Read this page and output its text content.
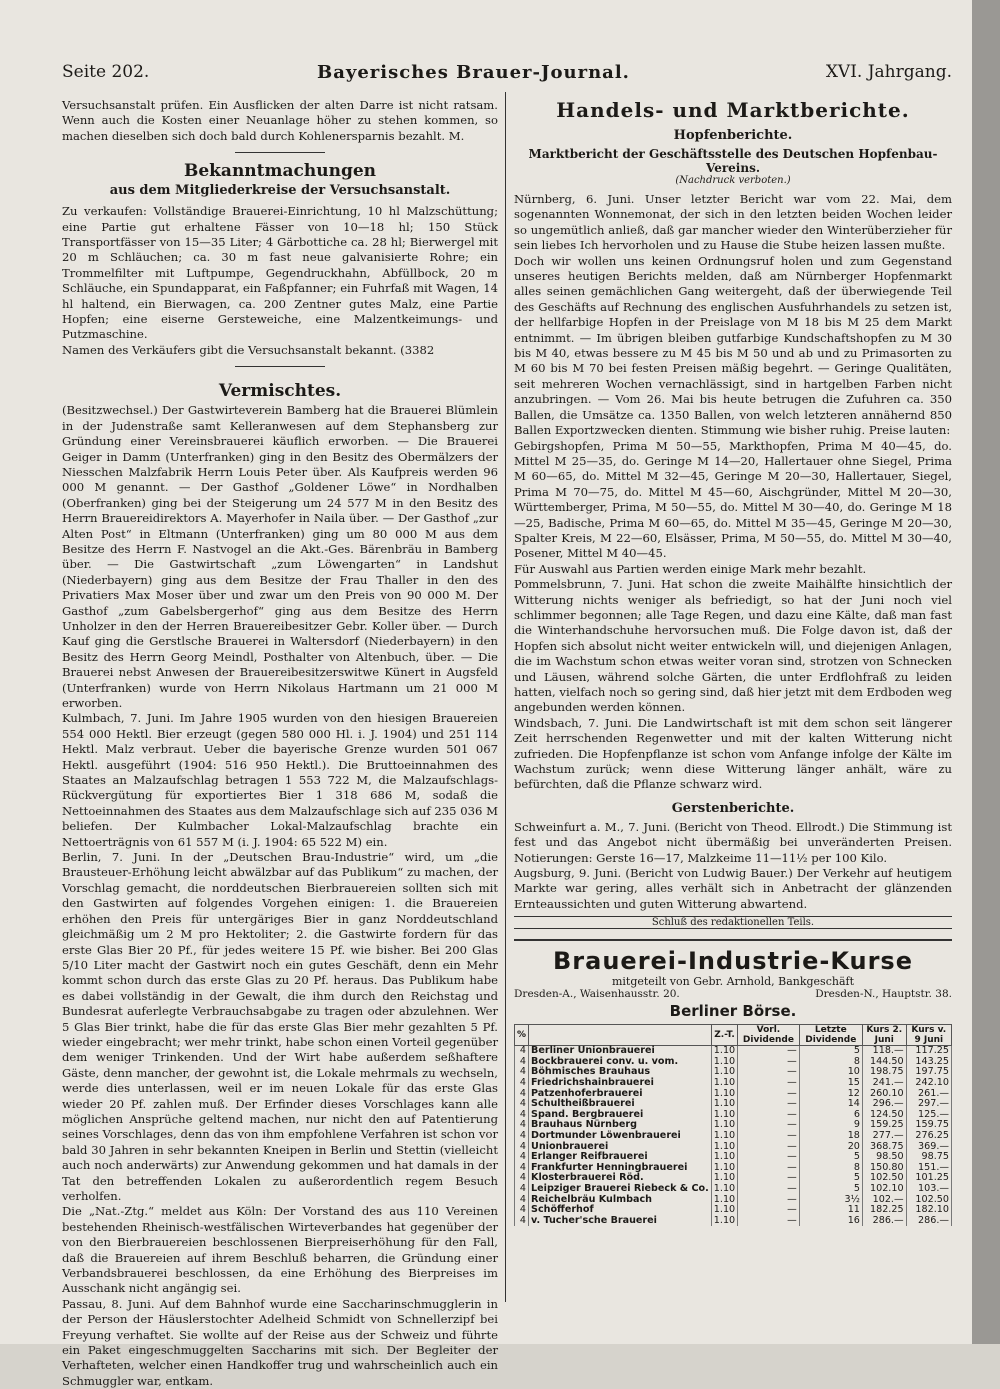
Seite 202.	Bayerisches Brauer-Journal.	XVI. Jahrgang.

Versuchsanstalt prüfen. Ein Ausflicken der alten Darre ist nicht ratsam. Wenn auch die Kosten einer Neuanlage höher zu stehen kommen, so machen dieselben sich doch bald durch Kohlenersparnis bezahlt. M.

Bekanntmachungen
aus dem Mitgliederkreise der Versuchsanstalt.

Zu verkaufen: Vollständige Brauerei-Einrichtung, 10 hl Malzschüttung; eine Partie gut erhaltene Fässer von 10—18 hl; 150 Stück Transportfässer von 15—35 Liter; 4 Gärbottiche ca. 28 hl; Bierwergel mit 20 m Schläuchen; ca. 30 m fast neue galvanisierte Rohre; ein Trommelfilter mit Luftpumpe, Gegendruckhahn, Abfüllbock, 20 m Schläuche, ein Spundapparat, ein Faßpfanner; ein Fuhrfaß mit Wagen, 14 hl haltend, ein Bierwagen, ca. 200 Zentner gutes Malz, eine Partie Hopfen; eine eiserne Gersteweiche, eine Malzentkeimungs- und Putzmaschine.

Namen des Verkäufers gibt die Versuchsanstalt bekannt. (3382

Vermischtes.

(Besitzwechsel.) Der Gastwirteverein Bamberg hat die Brauerei Blümlein in der Judenstraße samt Kelleranwesen auf dem Stephansberg zur Gründung einer Vereinsbrauerei käuflich erworben. — Die Brauerei Geiger in Damm (Unterfranken) ging in den Besitz des Obermälzers der Niesschen Malzfabrik Herrn Louis Peter über. Als Kaufpreis werden 96 000 M genannt. — Der Gasthof „Goldener Löwe“ in Nordhalben (Oberfranken) ging bei der Steigerung um 24 577 M in den Besitz des Herrn Brauereidirektors A. Mayerhofer in Naila über. — Der Gasthof „zur Alten Post“ in Eltmann (Unterfranken) ging um 80 000 M aus dem Besitze des Herrn F. Nastvogel an die Akt.-Ges. Bärenbräu in Bamberg über. — Die Gastwirtschaft „zum Löwengarten“ in Landshut (Niederbayern) ging aus dem Besitze der Frau Thaller in den des Privatiers Max Moser über und zwar um den Preis von 90 000 M. Der Gasthof „zum Gabelsbergerhof“ ging aus dem Besitze des Herrn Unholzer in den der Herren Brauereibesitzer Gebr. Koller über. — Durch Kauf ging die Gerstlsche Brauerei in Waltersdorf (Niederbayern) in den Besitz des Herrn Georg Meindl, Posthalter von Altenbuch, über. — Die Brauerei nebst Anwesen der Brauereibesitzerswitwe Künert in Augsfeld (Unterfranken) wurde von Herrn Nikolaus Hartmann um 21 000 M erworben.

Kulmbach, 7. Juni. Im Jahre 1905 wurden von den hiesigen Brauereien 554 000 Hektl. Bier erzeugt (gegen 580 000 Hl. i. J. 1904) und 251 114 Hektl. Malz verbraut. Ueber die bayerische Grenze wurden 501 067 Hektl. ausgeführt (1904: 516 950 Hektl.). Die Bruttoeinnahmen des Staates an Malzaufschlag betragen 1 553 722 M, die Malzaufschlags-Rückvergütung für exportiertes Bier 1 318 686 M, sodaß die Nettoeinnahmen des Staates aus dem Malzaufschlage sich auf 235 036 M beliefen. Der Kulmbacher Lokal-Malzaufschlag brachte ein Nettoerträgnis von 61 557 M (i. J. 1904: 65 522 M) ein.

Berlin, 7. Juni. In der „Deutschen Brau-Industrie“ wird, um „die Brausteuer-Erhöhung leicht abwälzbar auf das Publikum“ zu machen, der Vorschlag gemacht, die norddeutschen Bierbrauereien sollten sich mit den Gastwirten auf folgendes Vorgehen einigen: 1. die Brauereien erhöhen den Preis für untergäriges Bier in ganz Norddeutschland gleichmäßig um 2 M pro Hektoliter; 2. die Gastwirte fordern für das erste Glas Bier 20 Pf., für jedes weitere 15 Pf. wie bisher. Bei 200 Glas 5/10 Liter macht der Gastwirt noch ein gutes Geschäft, denn ein Mehr kommt schon durch das erste Glas zu 20 Pf. heraus. Das Publikum habe es dabei vollständig in der Gewalt, die ihm durch den Reichstag und Bundesrat auferlegte Verbrauchsabgabe zu tragen oder abzulehnen. Wer 5 Glas Bier trinkt, habe die für das erste Glas Bier mehr gezahlten 5 Pf. wieder eingebracht; wer mehr trinkt, habe schon einen Vorteil gegenüber dem weniger Trinkenden. Und der Wirt habe außerdem seßhaftere Gäste, denn mancher, der gewohnt ist, die Lokale mehrmals zu wechseln, werde dies unterlassen, weil er im neuen Lokale für das erste Glas wieder 20 Pf. zahlen muß. Der Erfinder dieses Vorschlages kann alle möglichen Ansprüche geltend machen, nur nicht den auf Patentierung seines Vorschlages, denn das von ihm empfohlene Verfahren ist schon vor bald 30 Jahren in sehr bekannten Kneipen in Berlin und Stettin (vielleicht auch noch anderwärts) zur Anwendung gekommen und hat damals in der Tat den betreffenden Lokalen zu außerordentlich regem Besuch verholfen.

Die „Nat.-Ztg.“ meldet aus Köln: Der Vorstand des aus 110 Vereinen bestehenden Rheinisch-westfälischen Wirteverbandes hat gegenüber der von den Bierbrauereien beschlossenen Bierpreiserhöhung für den Fall, daß die Brauereien auf ihrem Beschluß beharren, die Gründung einer Verbandsbrauerei beschlossen, da eine Erhöhung des Bierpreises im Ausschank nicht angängig sei.

Passau, 8. Juni. Auf dem Bahnhof wurde eine Saccharinschmugglerin in der Person der Häuslerstochter Adelheid Schmidt von Schnellerzipf bei Freyung verhaftet. Sie wollte auf der Reise aus der Schweiz und führte ein Paket eingeschmuggelten Saccharins mit sich. Der Begleiter der Verhafteten, welcher einen Handkoffer trug und wahrscheinlich auch ein Schmuggler war, entkam.

Handels- und Marktberichte.
Hopfenberichte.
Marktbericht der Geschäftsstelle des Deutschen Hopfenbau-Vereins.
(Nachdruck verboten.)

Nürnberg, 6. Juni. Unser letzter Bericht war vom 22. Mai, dem sogenannten Wonnemonat, der sich in den letzten beiden Wochen leider so ungemütlich anließ, daß gar mancher wieder den Winterüberzieher für sein liebes Ich hervorholen und zu Hause die Stube heizen lassen mußte.

Doch wir wollen uns keinen Ordnungsruf holen und zum Gegenstand unseres heutigen Berichts melden, daß am Nürnberger Hopfenmarkt alles seinen gemächlichen Gang weitergeht, daß der überwiegende Teil des Geschäfts auf Rechnung des englischen Ausfuhrhandels zu setzen ist, der hellfarbige Hopfen in der Preislage von M 18 bis M 25 dem Markt entnimmt. — Im übrigen bleiben gutfarbige Kundschaftshopfen zu M 30 bis M 40, etwas bessere zu M 45 bis M 50 und ab und zu Primasorten zu M 60 bis M 70 bei festen Preisen mäßig begehrt. — Geringe Qualitäten, seit mehreren Wochen vernachlässigt, sind in hartgelben Farben nicht anzubringen. — Vom 26. Mai bis heute betrugen die Zufuhren ca. 350 Ballen, die Umsätze ca. 1350 Ballen, von welch letzteren annähernd 850 Ballen Exportzwecken dienten. Stimmung wie bisher ruhig. Preise lauten:

Gebirgshopfen, Prima M 50—55, Markthopfen, Prima M 40—45, do. Mittel M 25—35, do. Geringe M 14—20, Hallertauer ohne Siegel, Prima M 60—65, do. Mittel M 32—45, Geringe M 20—30, Hallertauer, Siegel, Prima M 70—75, do. Mittel M 45—60, Aischgründer, Mittel M 20—30, Württemberger, Prima, M 50—55, do. Mittel M 30—40, do. Geringe M 18—25, Badische, Prima M 60—65, do. Mittel M 35—45, Geringe M 20—30, Spalter Kreis, M 22—60, Elsässer, Prima, M 50—55, do. Mittel M 30—40, Posener, Mittel M 40—45.

Für Auswahl aus Partien werden einige Mark mehr bezahlt.

Pommelsbrunn, 7. Juni. Hat schon die zweite Maihälfte hinsichtlich der Witterung nichts weniger als befriedigt, so hat der Juni noch viel schlimmer begonnen; alle Tage Regen, und dazu eine Kälte, daß man fast die Winterhandschuhe hervorsuchen muß. Die Folge davon ist, daß der Hopfen sich absolut nicht weiter entwickeln will, und diejenigen Anlagen, die im Wachstum schon etwas weiter voran sind, strotzen von Schnecken und Läusen, während solche Gärten, die unter Erdflohfraß zu leiden hatten, vielfach noch so gering sind, daß hier jetzt mit dem Erdboden weg angebunden werden können.

Windsbach, 7. Juni. Die Landwirtschaft ist mit dem schon seit längerer Zeit herrschenden Regenwetter und mit der kalten Witterung nicht zufrieden. Die Hopfenpflanze ist schon vom Anfange infolge der Kälte im Wachstum zurück; wenn diese Witterung länger anhält, wäre zu befürchten, daß die Pflanze schwarz wird.

Gerstenberichte.

Schweinfurt a. M., 7. Juni. (Bericht von Theod. Ellrodt.) Die Stimmung ist fest und das Angebot nicht übermäßig bei unveränderten Preisen. Notierungen: Gerste 16—17, Malzkeime 11—11½ per 100 Kilo.

Augsburg, 9. Juni. (Bericht von Ludwig Bauer.) Der Verkehr auf heutigem Markte war gering, alles verhält sich in Anbetracht der glänzenden Ernteaussichten und guten Witterung abwartend.

Schluß des redaktionellen Teils.
Brauerei-Industrie-Kurse
mitgeteilt von Gebr. Arnhold, Bankgeschäft
Dresden-A., Waisenhausstr. 20.	Dresden-N., Hauptstr. 38.
Berliner Börse.
%		Z.-T.	Vorl. Dividende	Letzte Dividende	Kurs 2. Juni	Kurs v. 9 Juni
4	Berliner Unionbrauerei	1.10	—	5	118.—	117.25
4	Bockbrauerei conv. u. vom.	1.10	—	8	144.50	143.25
4	Böhmisches Brauhaus	1.10	—	10	198.75	197.75
4	Friedrichshainbrauerei	1.10	—	15	241.—	242.10
4	Patzenhoferbrauerei	1.10	—	12	260.10	261.—
4	Schultheißbrauerei	1.10	—	14	296.—	297.—
4	Spand. Bergbrauerei	1.10	—	6	124.50	125.—
4	Brauhaus Nürnberg	1.10	—	9	159.25	159.75
4	Dortmunder Löwenbrauerei	1.10	—	18	277.—	276.25
4	Unionbrauerei	1.10	—	20	368.75	369.—
4	Erlanger Reifbrauerei	1.10	—	5	98.50	98.75
4	Frankfurter Henningbrauerei	1.10	—	8	150.80	151.—
4	Klosterbrauerei Röd.	1.10	—	5	102.50	101.25
4	Leipziger Brauerei Riebeck & Co.	1.10	—	5	102.10	103.—
4	Reichelbräu Kulmbach	1.10	—	3½	102.—	102.50
4	Schöfferhof	1.10	—	11	182.25	182.10
4	v. Tucher'sche Brauerei	1.10	—	16	286.—	286.—
